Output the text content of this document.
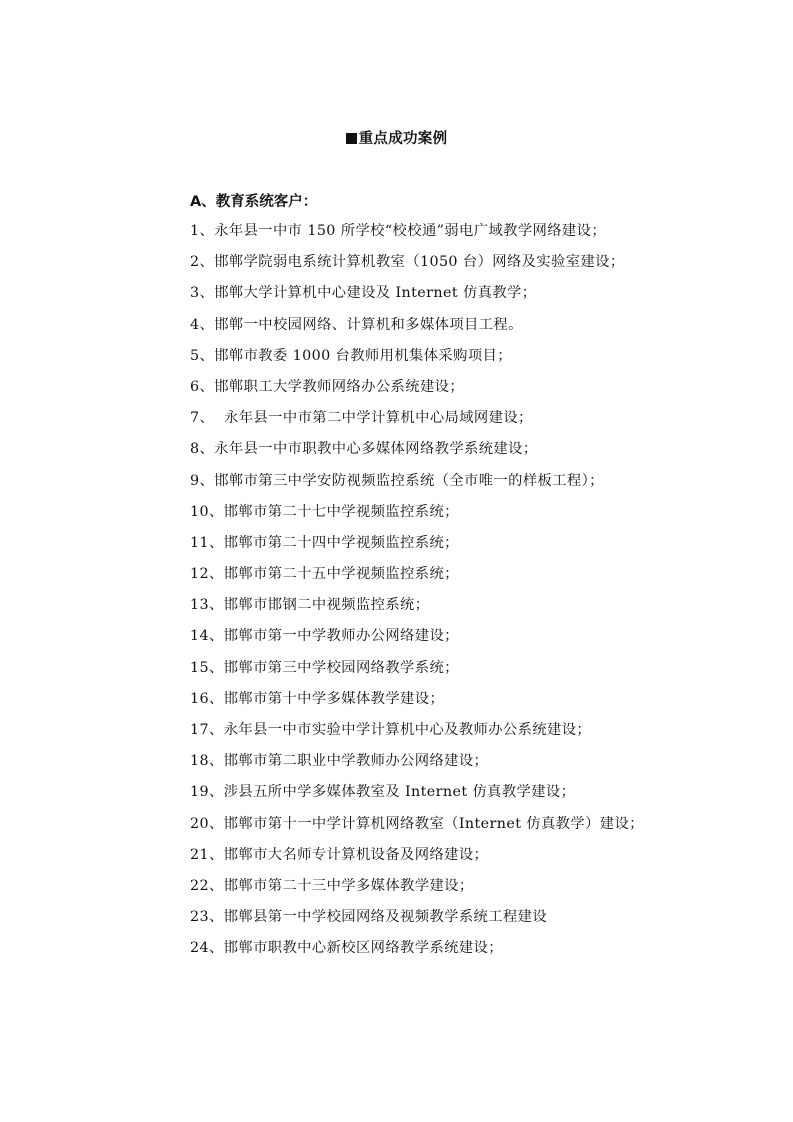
重点成功案例
A、教育系统客户：
1、永年县一中市 150 所学校“校校通”弱电广域教学网络建设；
2、邯郸学院弱电系统计算机教室（1050 台）网络及实验室建设；
3、邯郸大学计算机中心建设及 Internet 仿真教学；
4、邯郸一中校园网络、计算机和多媒体项目工程。
5、邯郸市教委 1000 台教师用机集体采购项目；
6、邯郸职工大学教师网络办公系统建设；
7、  永年县一中市第二中学计算机中心局域网建设；
8、永年县一中市职教中心多媒体网络教学系统建设；
9、邯郸市第三中学安防视频监控系统（全市唯一的样板工程）；
10、邯郸市第二十七中学视频监控系统；
11、邯郸市第二十四中学视频监控系统；
12、邯郸市第二十五中学视频监控系统；
13、邯郸市邯钢二中视频监控系统；
14、邯郸市第一中学教师办公网络建设；
15、邯郸市第三中学校园网络教学系统；
16、邯郸市第十中学多媒体教学建设；
17、永年县一中市实验中学计算机中心及教师办公系统建设；
18、邯郸市第二职业中学教师办公网络建设；
19、涉县五所中学多媒体教室及 Internet 仿真教学建设；
20、邯郸市第十一中学计算机网络教室（Internet 仿真教学）建设；
21、邯郸市大名师专计算机设备及网络建设；
22、邯郸市第二十三中学多媒体教学建设；
23、邯郸县第一中学校园网络及视频教学系统工程建设
24、邯郸市职教中心新校区网络教学系统建设；
